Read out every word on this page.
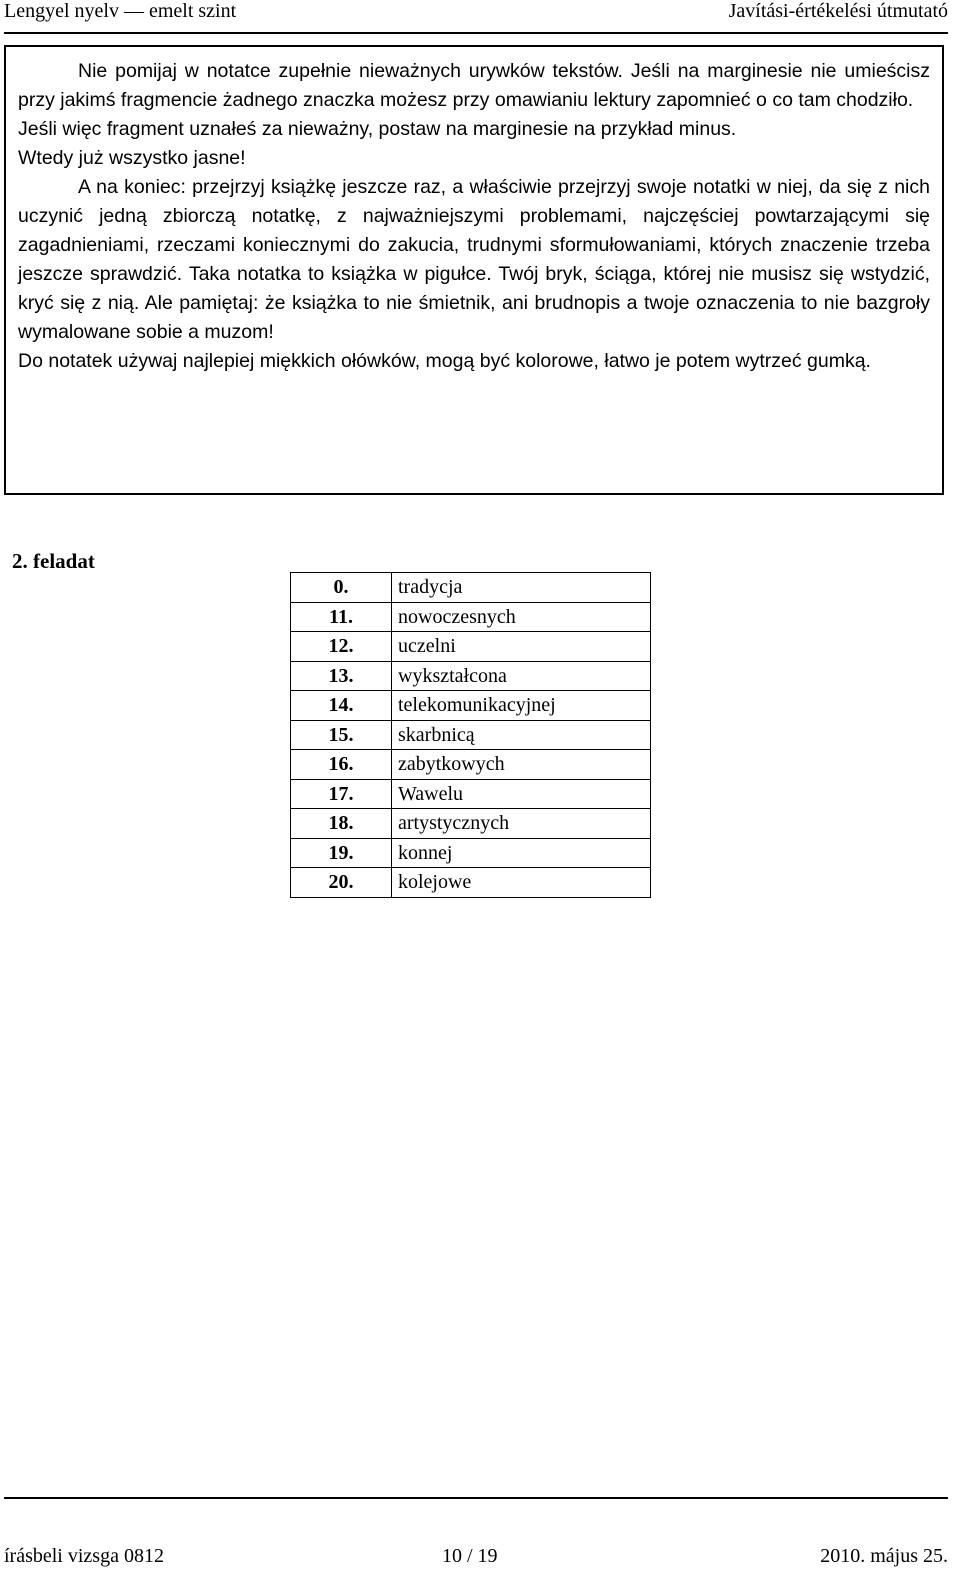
Lengyel nyelv — emelt szint	Javítási-értékelési útmutató

Nie pomijaj w notatce zupełnie nieważnych urywków tekstów. Jeśli na marginesie nie umieścisz przy jakimś fragmencie żadnego znaczka możesz przy omawianiu lektury zapomnieć o co tam chodziło.

Jeśli więc fragment uznałeś za nieważny, postaw na marginesie na przykład minus.

Wtedy już wszystko jasne!

A na koniec: przejrzyj książkę jeszcze raz, a właściwie przejrzyj swoje notatki w niej, da się z nich uczynić jedną zbiorczą notatkę, z najważniejszymi problemami, najczęściej powtarzającymi się zagadnieniami, rzeczami koniecznymi do zakucia, trudnymi sformułowaniami, których znaczenie trzeba jeszcze sprawdzić. Taka notatka to książka w pigułce. Twój bryk, ściąga, której nie musisz się wstydzić, kryć się z nią. Ale pamiętaj: że książka to nie śmietnik, ani brudnopis a twoje oznaczenia to nie bazgroły wymalowane sobie a muzom!

Do notatek używaj najlepiej miękkich ołówków, mogą być kolorowe, łatwo je potem wytrzeć gumką.

2. feladat
0.	tradycja
11.	nowoczesnych
12.	uczelni
13.	wykształcona
14.	telekomunikacyjnej
15.	skarbnicą
16.	zabytkowych
17.	Wawelu
18.	artystycznych
19.	konnej
20.	kolejowe
írásbeli vizsga 0812	10 / 19	2010. május 25.
